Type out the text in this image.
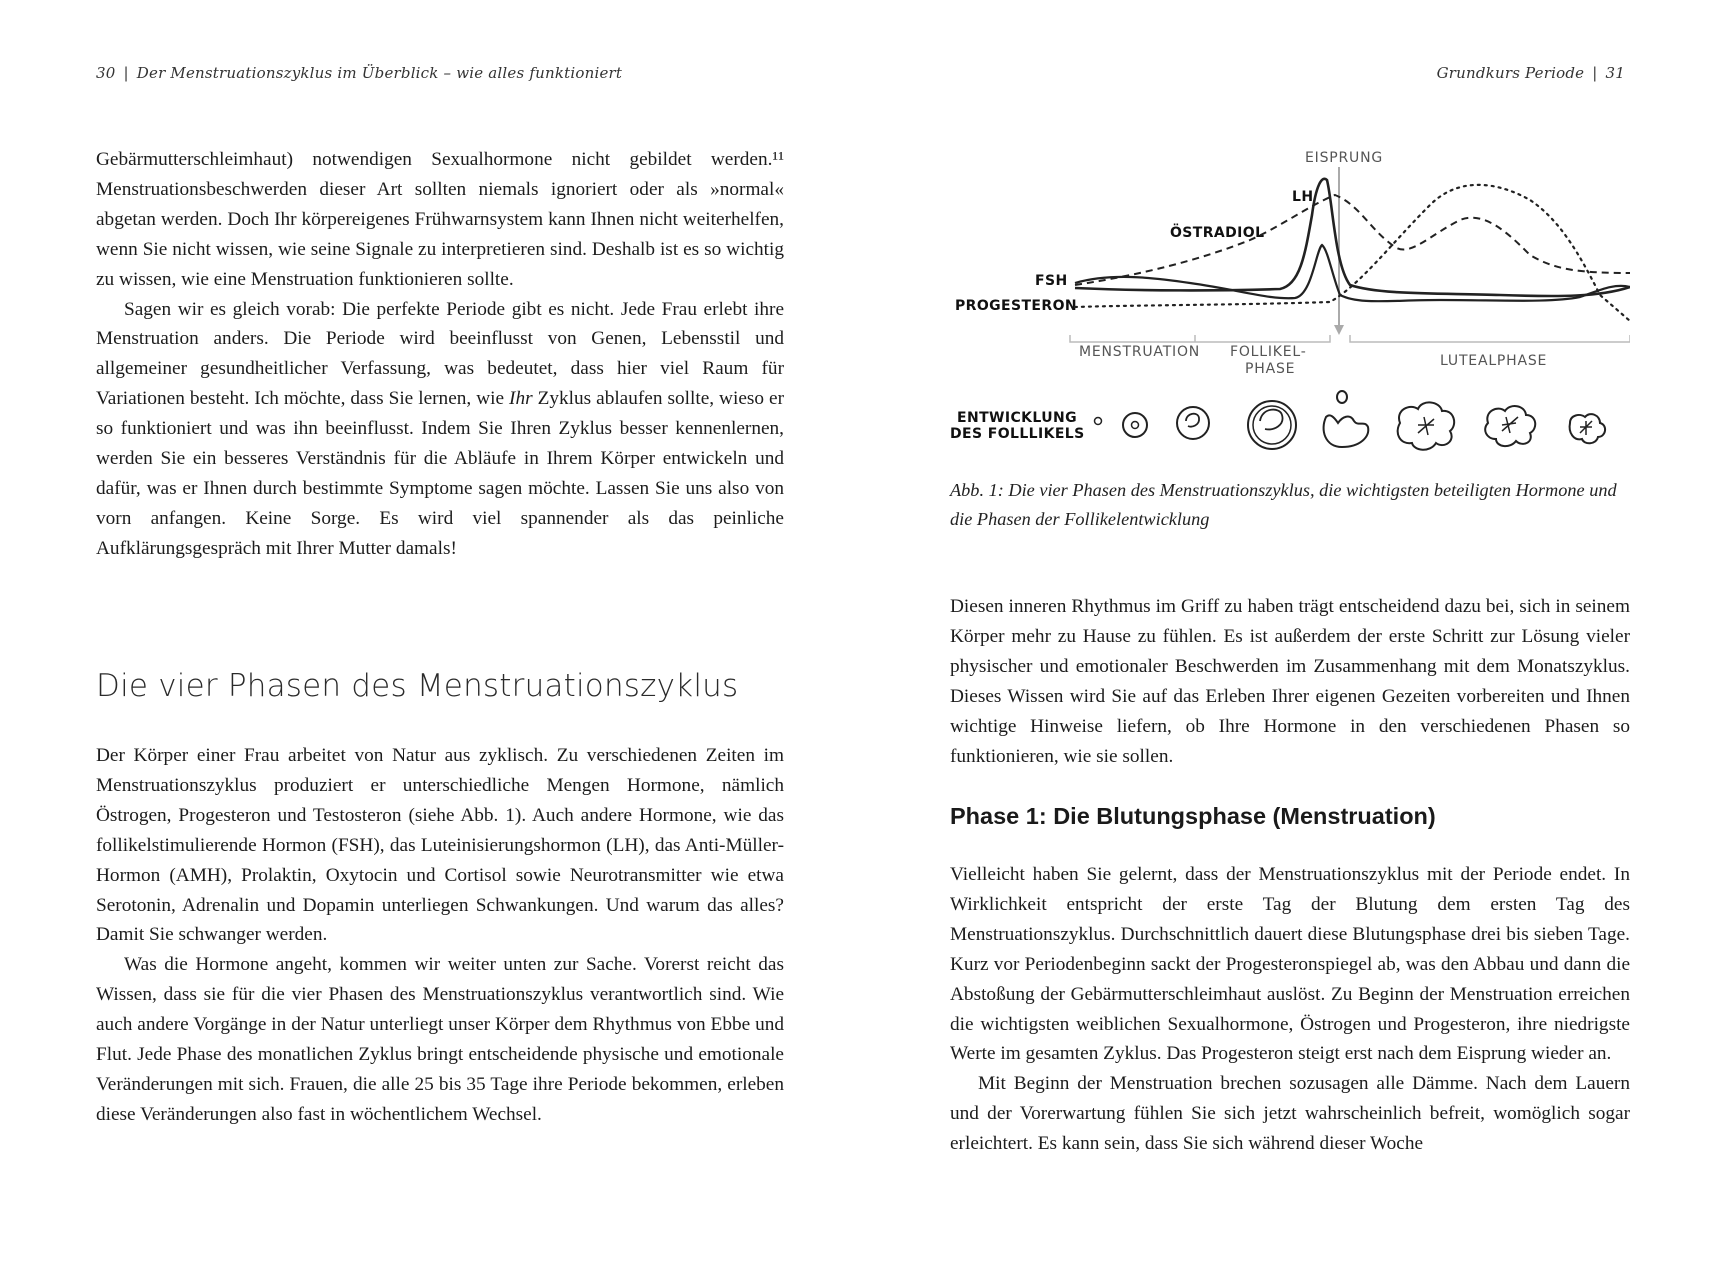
30 | Der Menstruationszyklus im Überblick – wie alles funktioniert

Gebärmutterschleimhaut) notwendigen Sexualhormone nicht gebildet werden.¹¹ Menstruationsbeschwerden dieser Art sollten niemals ignoriert oder als »normal« abgetan werden. Doch Ihr körpereigenes Frühwarnsystem kann Ihnen nicht weiterhelfen, wenn Sie nicht wissen, wie seine Signale zu interpretieren sind. Deshalb ist es so wichtig zu wissen, wie eine Menstruation funktionieren sollte.

Sagen wir es gleich vorab: Die perfekte Periode gibt es nicht. Jede Frau erlebt ihre Menstruation anders. Die Periode wird beeinflusst von Genen, Lebensstil und allgemeiner gesundheitlicher Verfassung, was bedeutet, dass hier viel Raum für Variationen besteht. Ich möchte, dass Sie lernen, wie Ihr Zyklus ablaufen sollte, wieso er so funktioniert und was ihn beeinflusst. Indem Sie Ihren Zyklus besser kennenlernen, werden Sie ein besseres Verständnis für die Abläufe in Ihrem Körper entwickeln und dafür, was er Ihnen durch bestimmte Symptome sagen möchte. Lassen Sie uns also von vorn anfangen. Keine Sorge. Es wird viel spannender als das peinliche Aufklärungsgespräch mit Ihrer Mutter damals!

Die vier Phasen des Menstruationszyklus

Der Körper einer Frau arbeitet von Natur aus zyklisch. Zu verschiedenen Zeiten im Menstruationszyklus produziert er unterschiedliche Mengen Hormone, nämlich Östrogen, Progesteron und Testosteron (siehe Abb. 1). Auch andere Hormone, wie das follikelstimulierende Hormon (FSH), das Luteinisierungshormon (LH), das Anti-Müller-Hormon (AMH), Prolaktin, Oxytocin und Cortisol sowie Neurotransmitter wie etwa Serotonin, Adrenalin und Dopamin unterliegen Schwankungen. Und warum das alles? Damit Sie schwanger werden.

Was die Hormone angeht, kommen wir weiter unten zur Sache. Vorerst reicht das Wissen, dass sie für die vier Phasen des Menstruationszyklus verantwortlich sind. Wie auch andere Vorgänge in der Natur unterliegt unser Körper dem Rhythmus von Ebbe und Flut. Jede Phase des monatlichen Zyklus bringt entscheidende physische und emotionale Veränderungen mit sich. Frauen, die alle 25 bis 35 Tage ihre Periode bekommen, erleben diese Veränderungen also fast in wöchentlichem Wechsel.

Grundkurs Periode | 31
EISPRUNG
LH
ÖSTRADIOL
FSH
PROGESTERON
MENSTRUATION FOLLIKEL-
PHASE	LUTEALPHASE
ENTWICKLUNG
DES FOLLLIKELS
Abb. 1: Die vier Phasen des Menstruationszyklus, die wichtigsten beteiligten Hormone und die Phasen der Follikelentwicklung

Diesen inneren Rhythmus im Griff zu haben trägt entscheidend dazu bei, sich in seinem Körper mehr zu Hause zu fühlen. Es ist außerdem der erste Schritt zur Lösung vieler physischer und emotionaler Beschwerden im Zusammenhang mit dem Monatszyklus. Dieses Wissen wird Sie auf das Erleben Ihrer eigenen Gezeiten vorbereiten und Ihnen wichtige Hinweise liefern, ob Ihre Hormone in den verschiedenen Phasen so funktionieren, wie sie sollen.

Phase 1: Die Blutungsphase (Menstruation)

Vielleicht haben Sie gelernt, dass der Menstruationszyklus mit der Periode endet. In Wirklichkeit entspricht der erste Tag der Blutung dem ersten Tag des Menstruationszyklus. Durchschnittlich dauert diese Blutungsphase drei bis sieben Tage. Kurz vor Periodenbeginn sackt der Progesteronspiegel ab, was den Abbau und dann die Abstoßung der Gebärmutterschleimhaut auslöst. Zu Beginn der Menstruation erreichen die wichtigsten weiblichen Sexualhormone, Östrogen und Progesteron, ihre niedrigste Werte im gesamten Zyklus. Das Progesteron steigt erst nach dem Eisprung wieder an.

Mit Beginn der Menstruation brechen sozusagen alle Dämme. Nach dem Lauern und der Vorerwartung fühlen Sie sich jetzt wahrscheinlich befreit, womöglich sogar erleichtert. Es kann sein, dass Sie sich während dieser Woche
